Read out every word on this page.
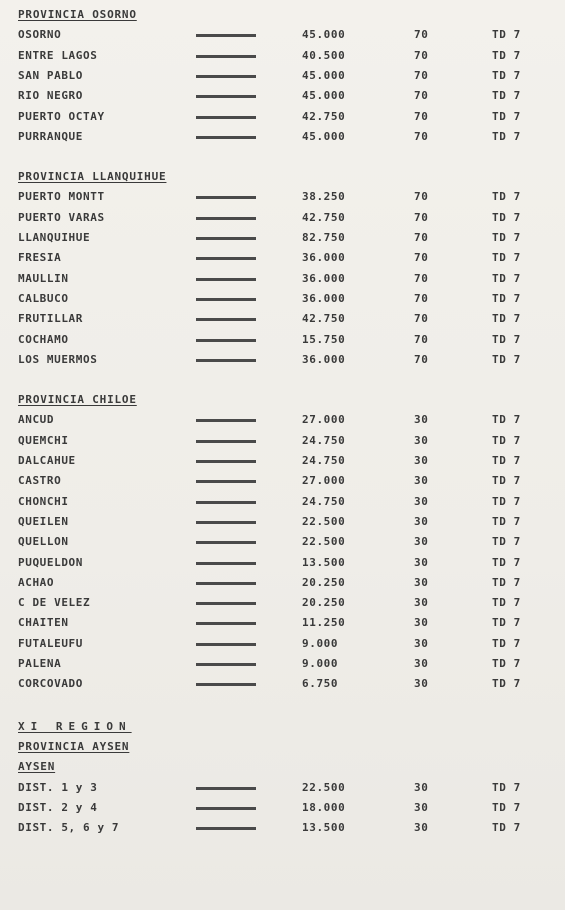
PROVINCIA OSORNO
OSORNO	45.000	70	TD 7
ENTRE LAGOS	40.500	70	TD 7
SAN PABLO	45.000	70	TD 7
RIO NEGRO	45.000	70	TD 7
PUERTO OCTAY	42.750	70	TD 7
PURRANQUE	45.000	70	TD 7
PROVINCIA LLANQUIHUE
PUERTO MONTT	38.250	70	TD 7
PUERTO VARAS	42.750	70	TD 7
LLANQUIHUE	82.750	70	TD 7
FRESIA	36.000	70	TD 7
MAULLIN	36.000	70	TD 7
CALBUCO	36.000	70	TD 7
FRUTILLAR	42.750	70	TD 7
COCHAMO	15.750	70	TD 7
LOS MUERMOS	36.000	70	TD 7
PROVINCIA CHILOE
ANCUD	27.000	30	TD 7
QUEMCHI	24.750	30	TD 7
DALCAHUE	24.750	30	TD 7
CASTRO	27.000	30	TD 7
CHONCHI	24.750	30	TD 7
QUEILEN	22.500	30	TD 7
QUELLON	22.500	30	TD 7
PUQUELDON	13.500	30	TD 7
ACHAO	20.250	30	TD 7
C DE VELEZ	20.250	30	TD 7
CHAITEN	11.250	30	TD 7
FUTALEUFU	9.000	30	TD 7
PALENA	9.000	30	TD 7
CORCOVADO	6.750	30	TD 7
XI REGION
PROVINCIA AYSEN
AYSEN
DIST. 1 y 3	22.500	30	TD 7
DIST. 2 y 4	18.000	30	TD 7
DIST. 5, 6 y 7	13.500	30	TD 7
